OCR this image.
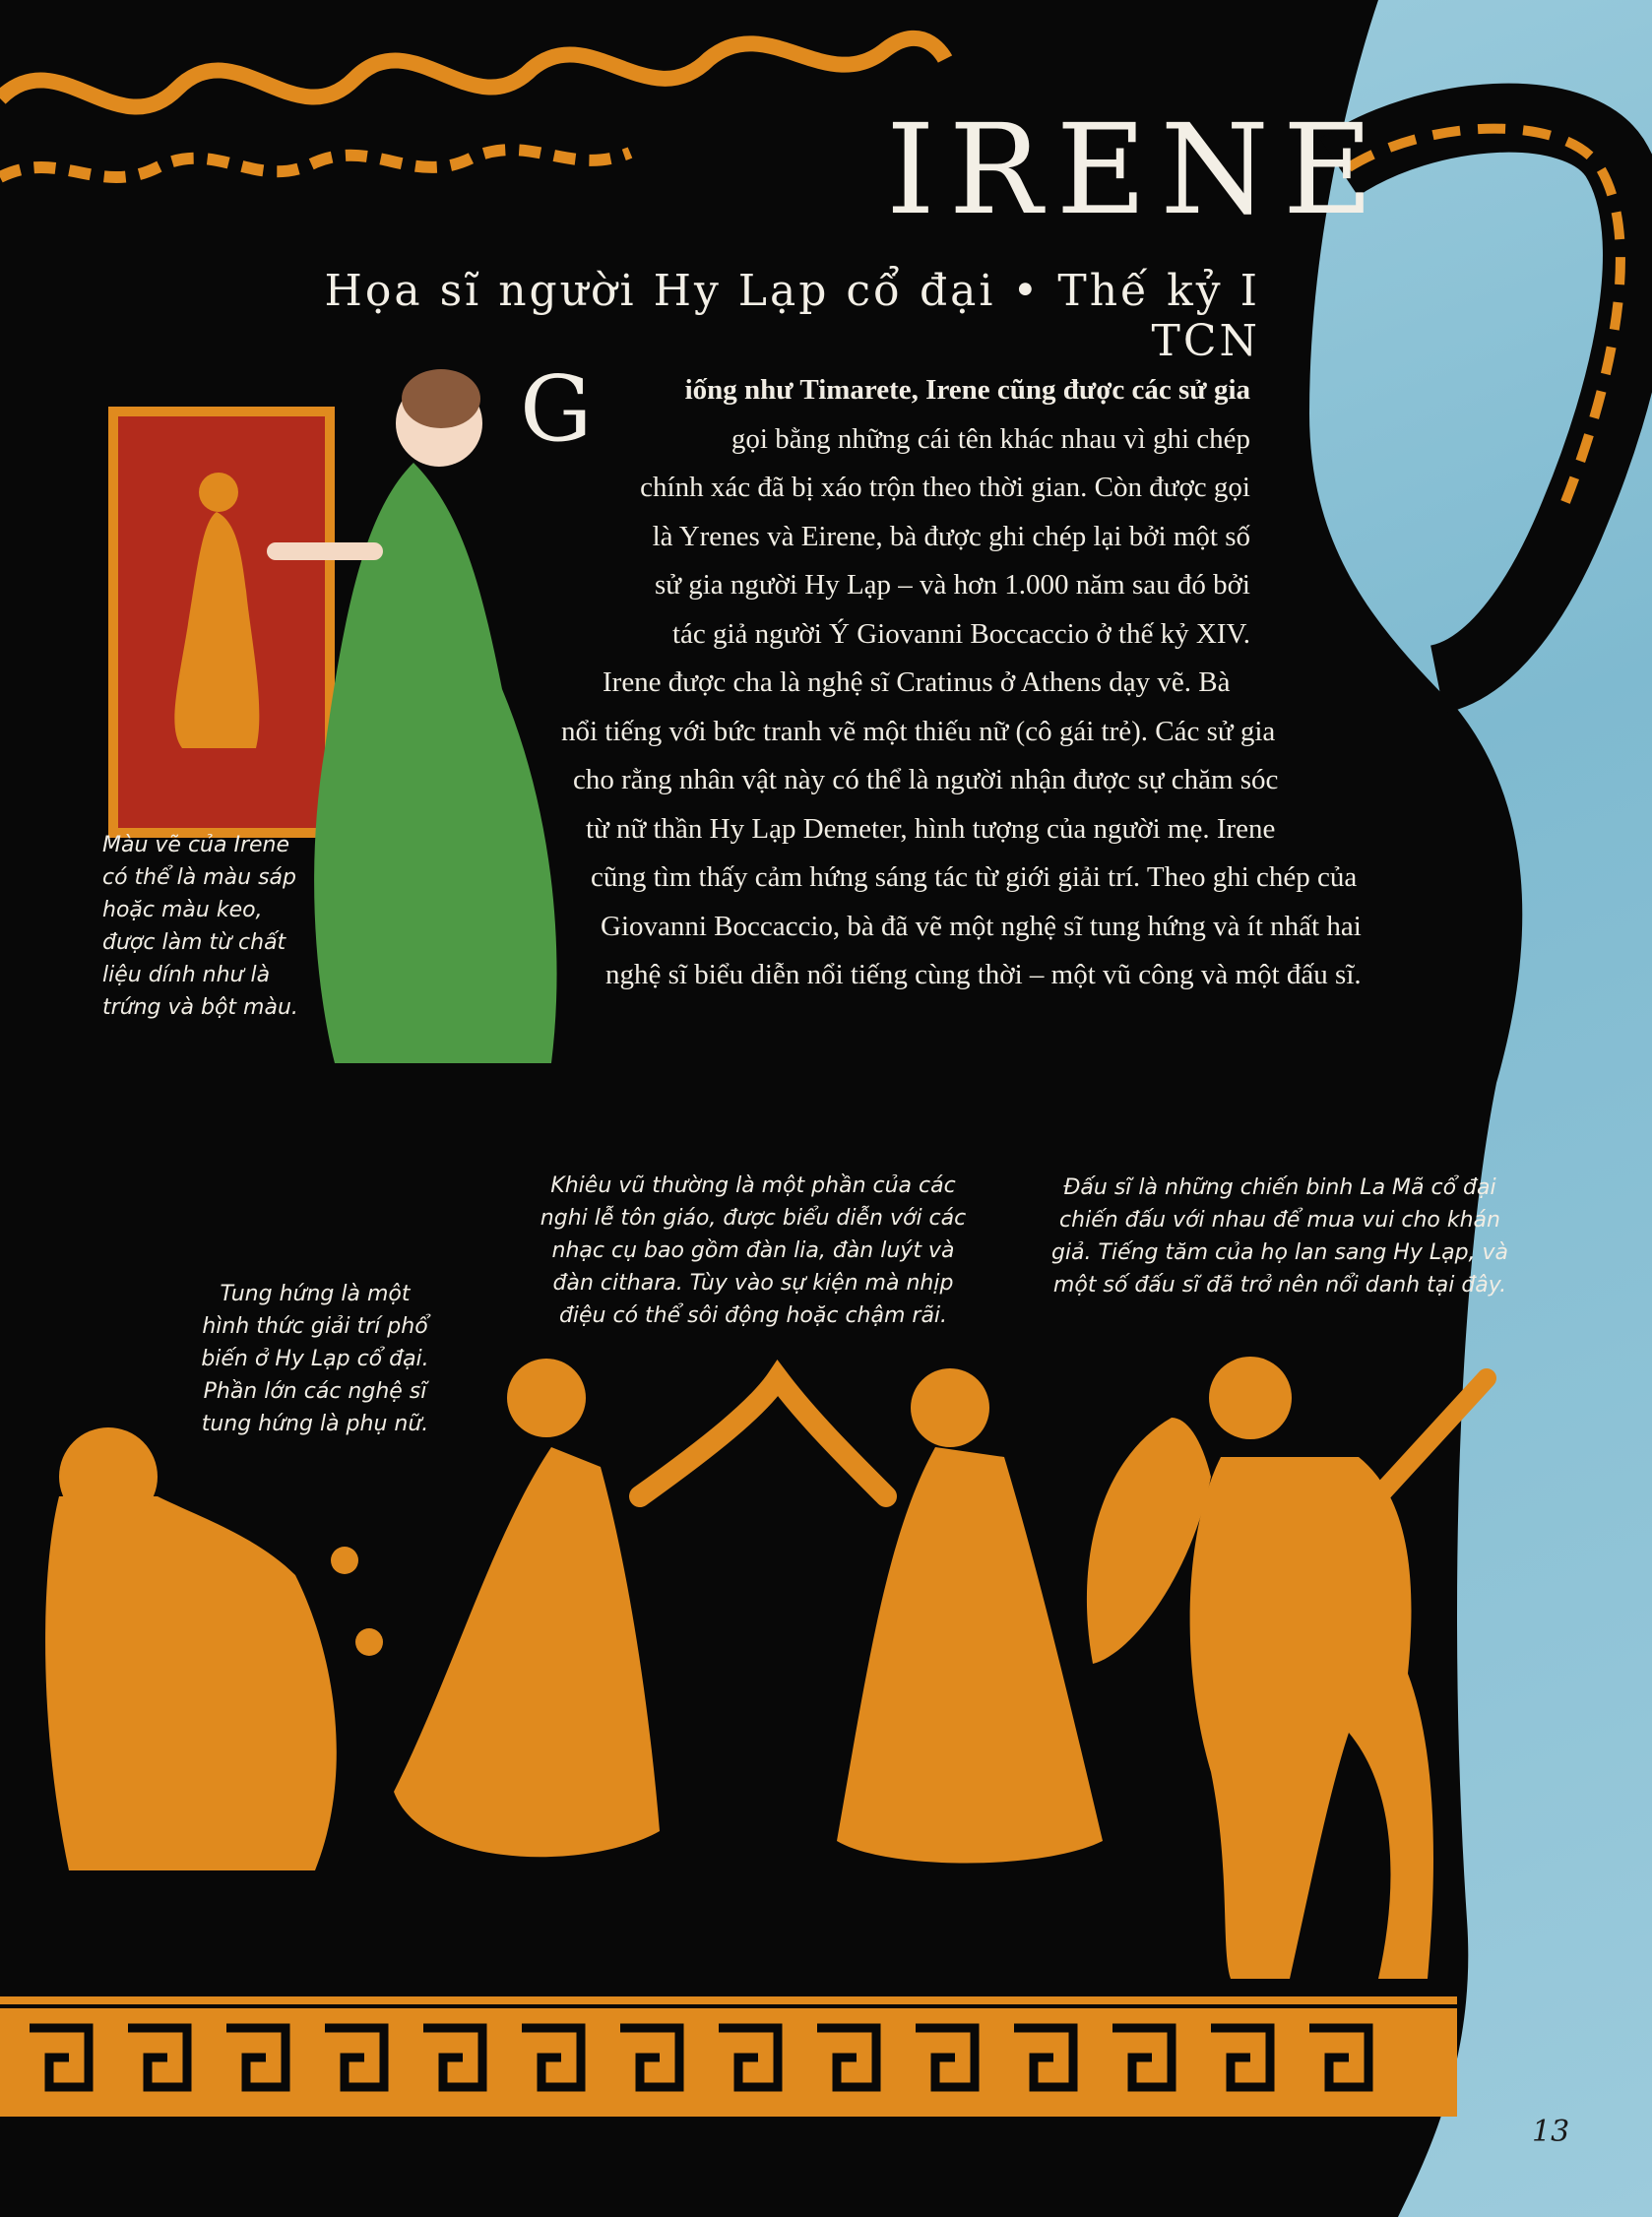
IRENE
Họa sĩ người Hy Lạp cổ đại • Thế kỷ I TCN
G	iống như Timarete, Irene cũng được các sử gia
gọi bằng những cái tên khác nhau vì ghi chép
chính xác đã bị xáo trộn theo thời gian. Còn được gọi
là Yrenes và Eirene, bà được ghi chép lại bởi một số
sử gia người Hy Lạp – và hơn 1.000 năm sau đó bởi
tác giả người Ý Giovanni Boccaccio ở thế kỷ XIV.
Irene được cha là nghệ sĩ Cratinus ở Athens dạy vẽ. Bà
nổi tiếng với bức tranh vẽ một thiếu nữ (cô gái trẻ). Các sử gia
cho rằng nhân vật này có thể là người nhận được sự chăm sóc
từ nữ thần Hy Lạp Demeter, hình tượng của người mẹ. Irene
cũng tìm thấy cảm hứng sáng tác từ giới giải trí. Theo ghi chép của
Giovanni Boccaccio, bà đã vẽ một nghệ sĩ tung hứng và ít nhất hai
nghệ sĩ biểu diễn nổi tiếng cùng thời – một vũ công và một đấu sĩ.
Màu vẽ của Irene
có thể là màu sáp
hoặc màu keo,
được làm từ chất
liệu dính như là
trứng và bột màu.
Tung hứng là một
hình thức giải trí phổ
biến ở Hy Lạp cổ đại.
Phần lớn các nghệ sĩ
tung hứng là phụ nữ.
Khiêu vũ thường là một phần của các
nghi lễ tôn giáo, được biểu diễn với các
nhạc cụ bao gồm đàn lia, đàn luýt và
đàn cithara. Tùy vào sự kiện mà nhịp
điệu có thể sôi động hoặc chậm rãi.
Đấu sĩ là những chiến binh La Mã cổ đại
chiến đấu với nhau để mua vui cho khán
giả. Tiếng tăm của họ lan sang Hy Lạp, và
một số đấu sĩ đã trở nên nổi danh tại đây.
13
